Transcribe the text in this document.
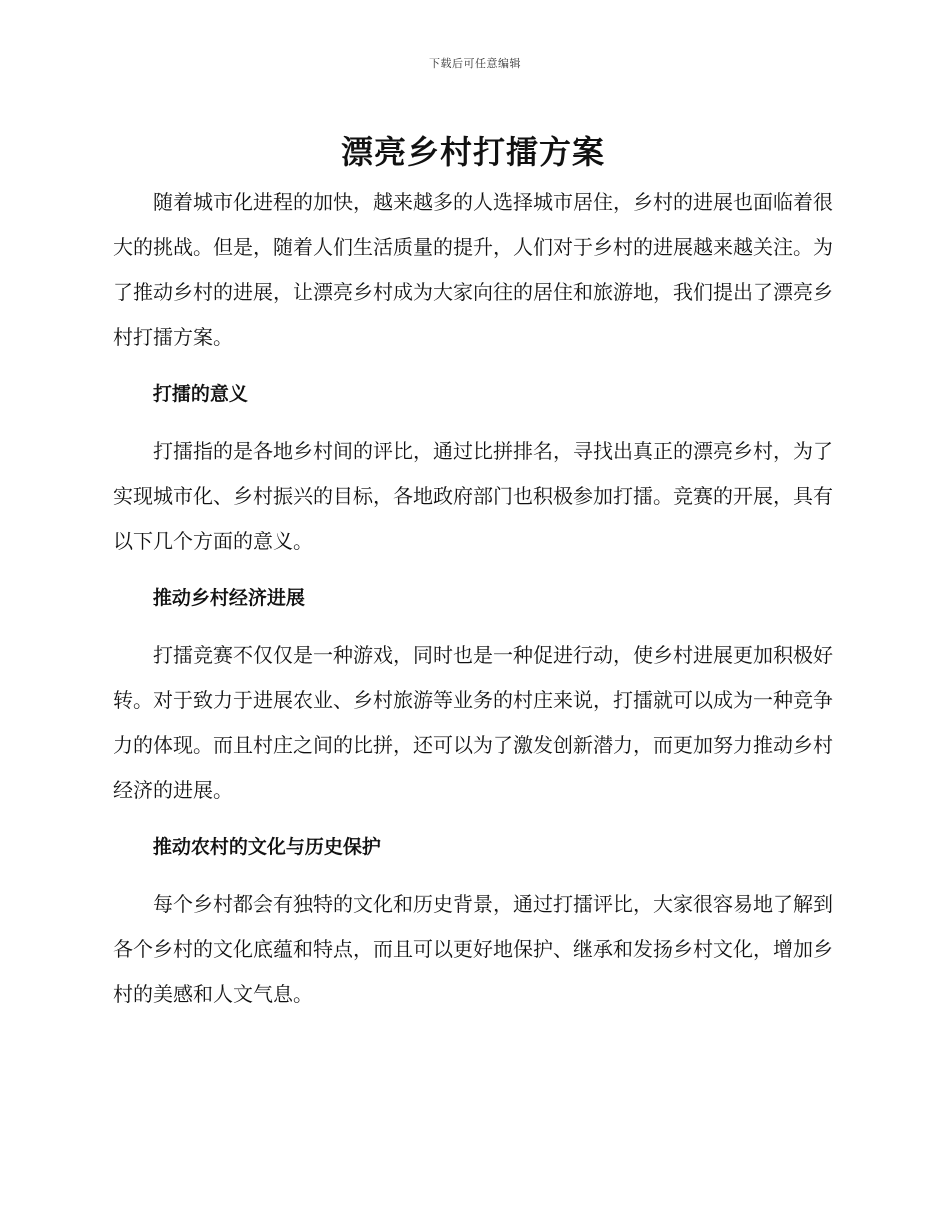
下载后可任意编辑
漂亮乡村打擂方案

随着城市化进程的加快，越来越多的人选择城市居住，乡村的进展也面临着很大的挑战。但是，随着人们生活质量的提升，人们对于乡村的进展越来越关注。为了推动乡村的进展，让漂亮乡村成为大家向往的居住和旅游地，我们提出了漂亮乡村打擂方案。

打擂的意义

打擂指的是各地乡村间的评比，通过比拼排名，寻找出真正的漂亮乡村，为了实现城市化、乡村振兴的目标，各地政府部门也积极参加打擂。竞赛的开展，具有以下几个方面的意义。

推动乡村经济进展

打擂竞赛不仅仅是一种游戏，同时也是一种促进行动，使乡村进展更加积极好转。对于致力于进展农业、乡村旅游等业务的村庄来说，打擂就可以成为一种竞争力的体现。而且村庄之间的比拼，还可以为了激发创新潜力，而更加努力推动乡村经济的进展。

推动农村的文化与历史保护

每个乡村都会有独特的文化和历史背景，通过打擂评比，大家很容易地了解到各个乡村的文化底蕴和特点，而且可以更好地保护、继承和发扬乡村文化，增加乡村的美感和人文气息。
